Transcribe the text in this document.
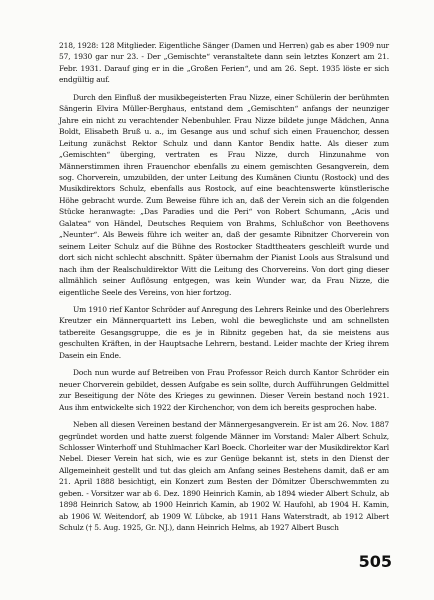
218, 1928: 128 Mitglieder. Eigentliche Sänger (Damen und Herren) gab es aber 1909 nur 57, 1930 gar nur 23. - Der „Gemischte“ veranstaltete dann sein letztes Konzert am 21. Febr. 1931. Darauf ging er in die „Großen Ferien“, und am 26. Sept. 1935 löste er sich endgültig auf.

Durch den Einfluß der musikbegeisterten Frau Nizze, einer Schülerin der berühmten Sängerin Elvira Müller-Berghaus, entstand dem „Gemischten“ anfangs der neunziger Jahre ein nicht zu verachtender Nebenbuhler. Frau Nizze bildete junge Mädchen, Anna Boldt, Elisabeth Bruß u. a., im Gesange aus und schuf sich einen Frauenchor, dessen Leitung zunächst Rektor Schulz und dann Kantor Bendix hatte. Als dieser zum „Gemischten“ überging, vertraten es Frau Nizze, durch Hinzunahme von Männerstimmen ihren Frauenchor ebenfalls zu einem gemischten Gesangverein, dem sog. Chorverein, umzubilden, der unter Leitung des Kumänen Ciuntu (Rostock) und des Musikdirektors Schulz, ebenfalls aus Rostock, auf eine beachtenswerte künstlerische Höhe gebracht wurde. Zum Beweise führe ich an, daß der Verein sich an die folgenden Stücke heranwagte: „Das Paradies und die Peri“ von Robert Schumann, „Acis und Galatea“ von Händel, Deutsches Requiem von Brahms, Schlußchor von Beethovens „Neunter“. Als Beweis führe ich weiter an, daß der gesamte Ribnitzer Chorverein von seinem Leiter Schulz auf die Bühne des Rostocker Stadttheaters geschleift wurde und dort sich nicht schlecht abschnitt. Später übernahm der Pianist Lools aus Stralsund und nach ihm der Realschuldirektor Witt die Leitung des Chorvereins. Von dort ging dieser allmählich seiner Auflösung entgegen, was kein Wunder war, da Frau Nizze, die eigentliche Seele des Vereins, von hier fortzog.

Um 1910 rief Kantor Schröder auf Anregung des Lehrers Reinke und des Oberlehrers Kreutzer ein Männerquartett ins Leben, wohl die beweglichste und am schnellsten tatbereite Gesangsgruppe, die es je in Ribnitz gegeben hat, da sie meistens aus geschulten Kräften, in der Hauptsache Lehrern, bestand. Leider machte der Krieg ihrem Dasein ein Ende.

Doch nun wurde auf Betreiben von Frau Professor Reich durch Kantor Schröder ein neuer Chorverein gebildet, dessen Aufgabe es sein sollte, durch Aufführungen Geldmittel zur Beseitigung der Nöte des Krieges zu gewinnen. Dieser Verein bestand noch 1921. Aus ihm entwickelte sich 1922 der Kirchenchor, von dem ich bereits gesprochen habe.

Neben all diesen Vereinen bestand der Männergesangverein. Er ist am 26. Nov. 1887 gegründet worden und hatte zuerst folgende Männer im Vorstand: Maler Albert Schulz, Schlosser Winterhoff und Stuhlmacher Karl Boeck. Chorleiter war der Musikdirektor Karl Nebel. Dieser Verein hat sich, wie es zur Genüge bekannt ist, stets in den Dienst der Allgemeinheit gestellt und tut das gleich am Anfang seines Bestehens damit, daß er am 21. April 1888 besichtigt, ein Konzert zum Besten der Dömitzer Überschwemmten zu geben. - Vorsitzer war ab 6. Dez. 1890 Heinrich Kamin, ab 1894 wieder Albert Schulz, ab 1898 Heinrich Satow, ab 1900 Heinrich Kamin, ab 1902 W. Haufohl, ab 1904 H. Kamin, ab 1906 W. Weitendorf, ab 1909 W. Lübcke, ab 1911 Hans Waterstradt, ab 1912 Albert Schulz († 5. Aug. 1925, Gr. NJ.), dann Heinrich Helms, ab 1927 Albert Busch

505
